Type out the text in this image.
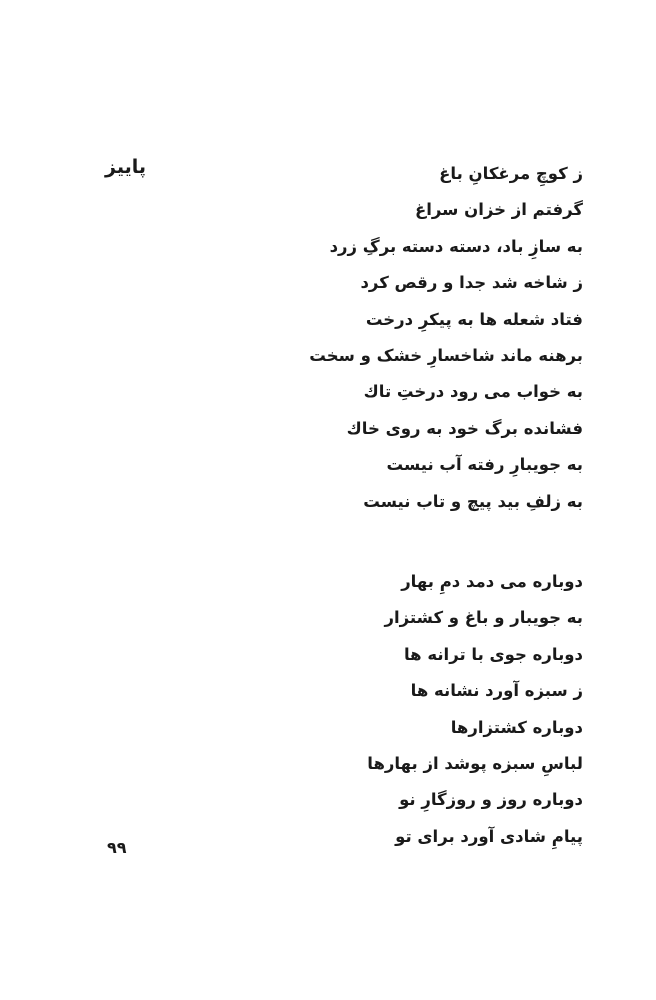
پاییز	ز کوچِ مرغکانِ باغ
گرفتم از خزان سراغ
به سازِ باد، دسته دسته برگِ زرد
ز شاخه شد جدا و رقص کرد
فتاد شعله ها به پیکرِ درخت
برهنه ماند شاخسارِ خشک و سخت
به خواب می رود درختِ تاك
فشانده برگ خود به روی خاك
به جویبارِ رفته آب نیست
به زلفِ بید پیچ و تاب نیست
دوباره می دمد دمِ بهار
به جویبار و باغ و کشتزار
دوباره جوی با ترانه ها
ز سبزه آورد نشانه ها
دوباره کشتزارها
لباسِ سبزه پوشد از بهارها
دوباره روز و روزگارِ نو
پیامِ شادی آورد برای تو
۹۹
